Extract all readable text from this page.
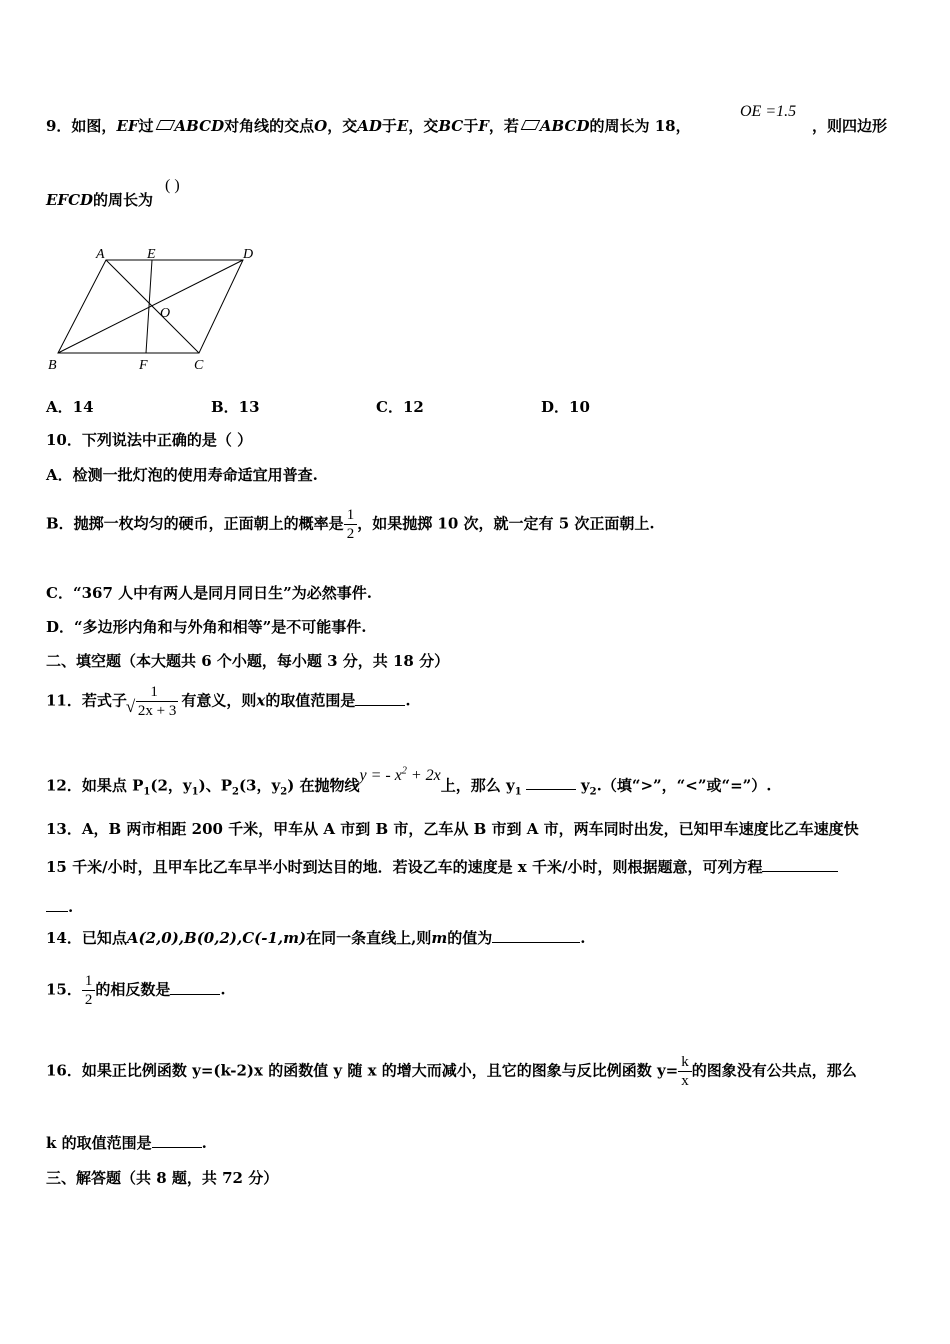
9．如图，EF过 ABCD对角线的交点O，交AD于E，交BC于F，若 ABCD的周长为 18，
OE =1.5
，则四边形
EFCD的周长为
( )
A	E	D
O
B	F	C
A．14	B．13	C．12	D．10
10．下列说法中正确的是（ ）
A．检测一批灯泡的使用寿命适宜用普查.
B．抛掷一枚均匀的硬币，正面朝上的概率是 $\frac{1}{2}$ ，如果抛掷 10 次，就一定有 5 次正面朝上.
C．“367 人中有两人是同月同日生”为必然事件.
D．“多边形内角和与外角和相等”是不可能事件.
二、填空题（本大题共 6 个小题，每小题 3 分，共 18 分）
11．若式子	1
√ 2x + 3
有意义，则x的取值范围是	.
12．如果点 $P_1(2$，$y_1$)、$P_2(3$，$y_2$) 在抛物线y = - $x^2 + 2x$上，那么 $y_1$	$y_2$.（填“>”，“<”或“=”）.
13．A，B 两市相距 200 千米，甲车从 A 市到 B 市，乙车从 B 市到 A 市，两车同时出发，已知甲车速度比乙车速度快
15 千米/小时，且甲车比乙车早半小时到达目的地．若设乙车的速度是 x 千米/小时，则根据题意，可列方程
.
14．已知点A(2,0),B(0,2),C(-1,m)在同一条直线上,则m的值为	.
15． $\frac{1}{2}$ 的相反数是	.
16．如果正比例函数 y=(k-2)x 的函数值 y 随 x 的增大而减小，且它的图象与反比例函数 $y= \frac{k}{x}$ 的图象没有公共点，那么
k 的取值范围是	.
三、解答题（共 8 题，共 72 分）
